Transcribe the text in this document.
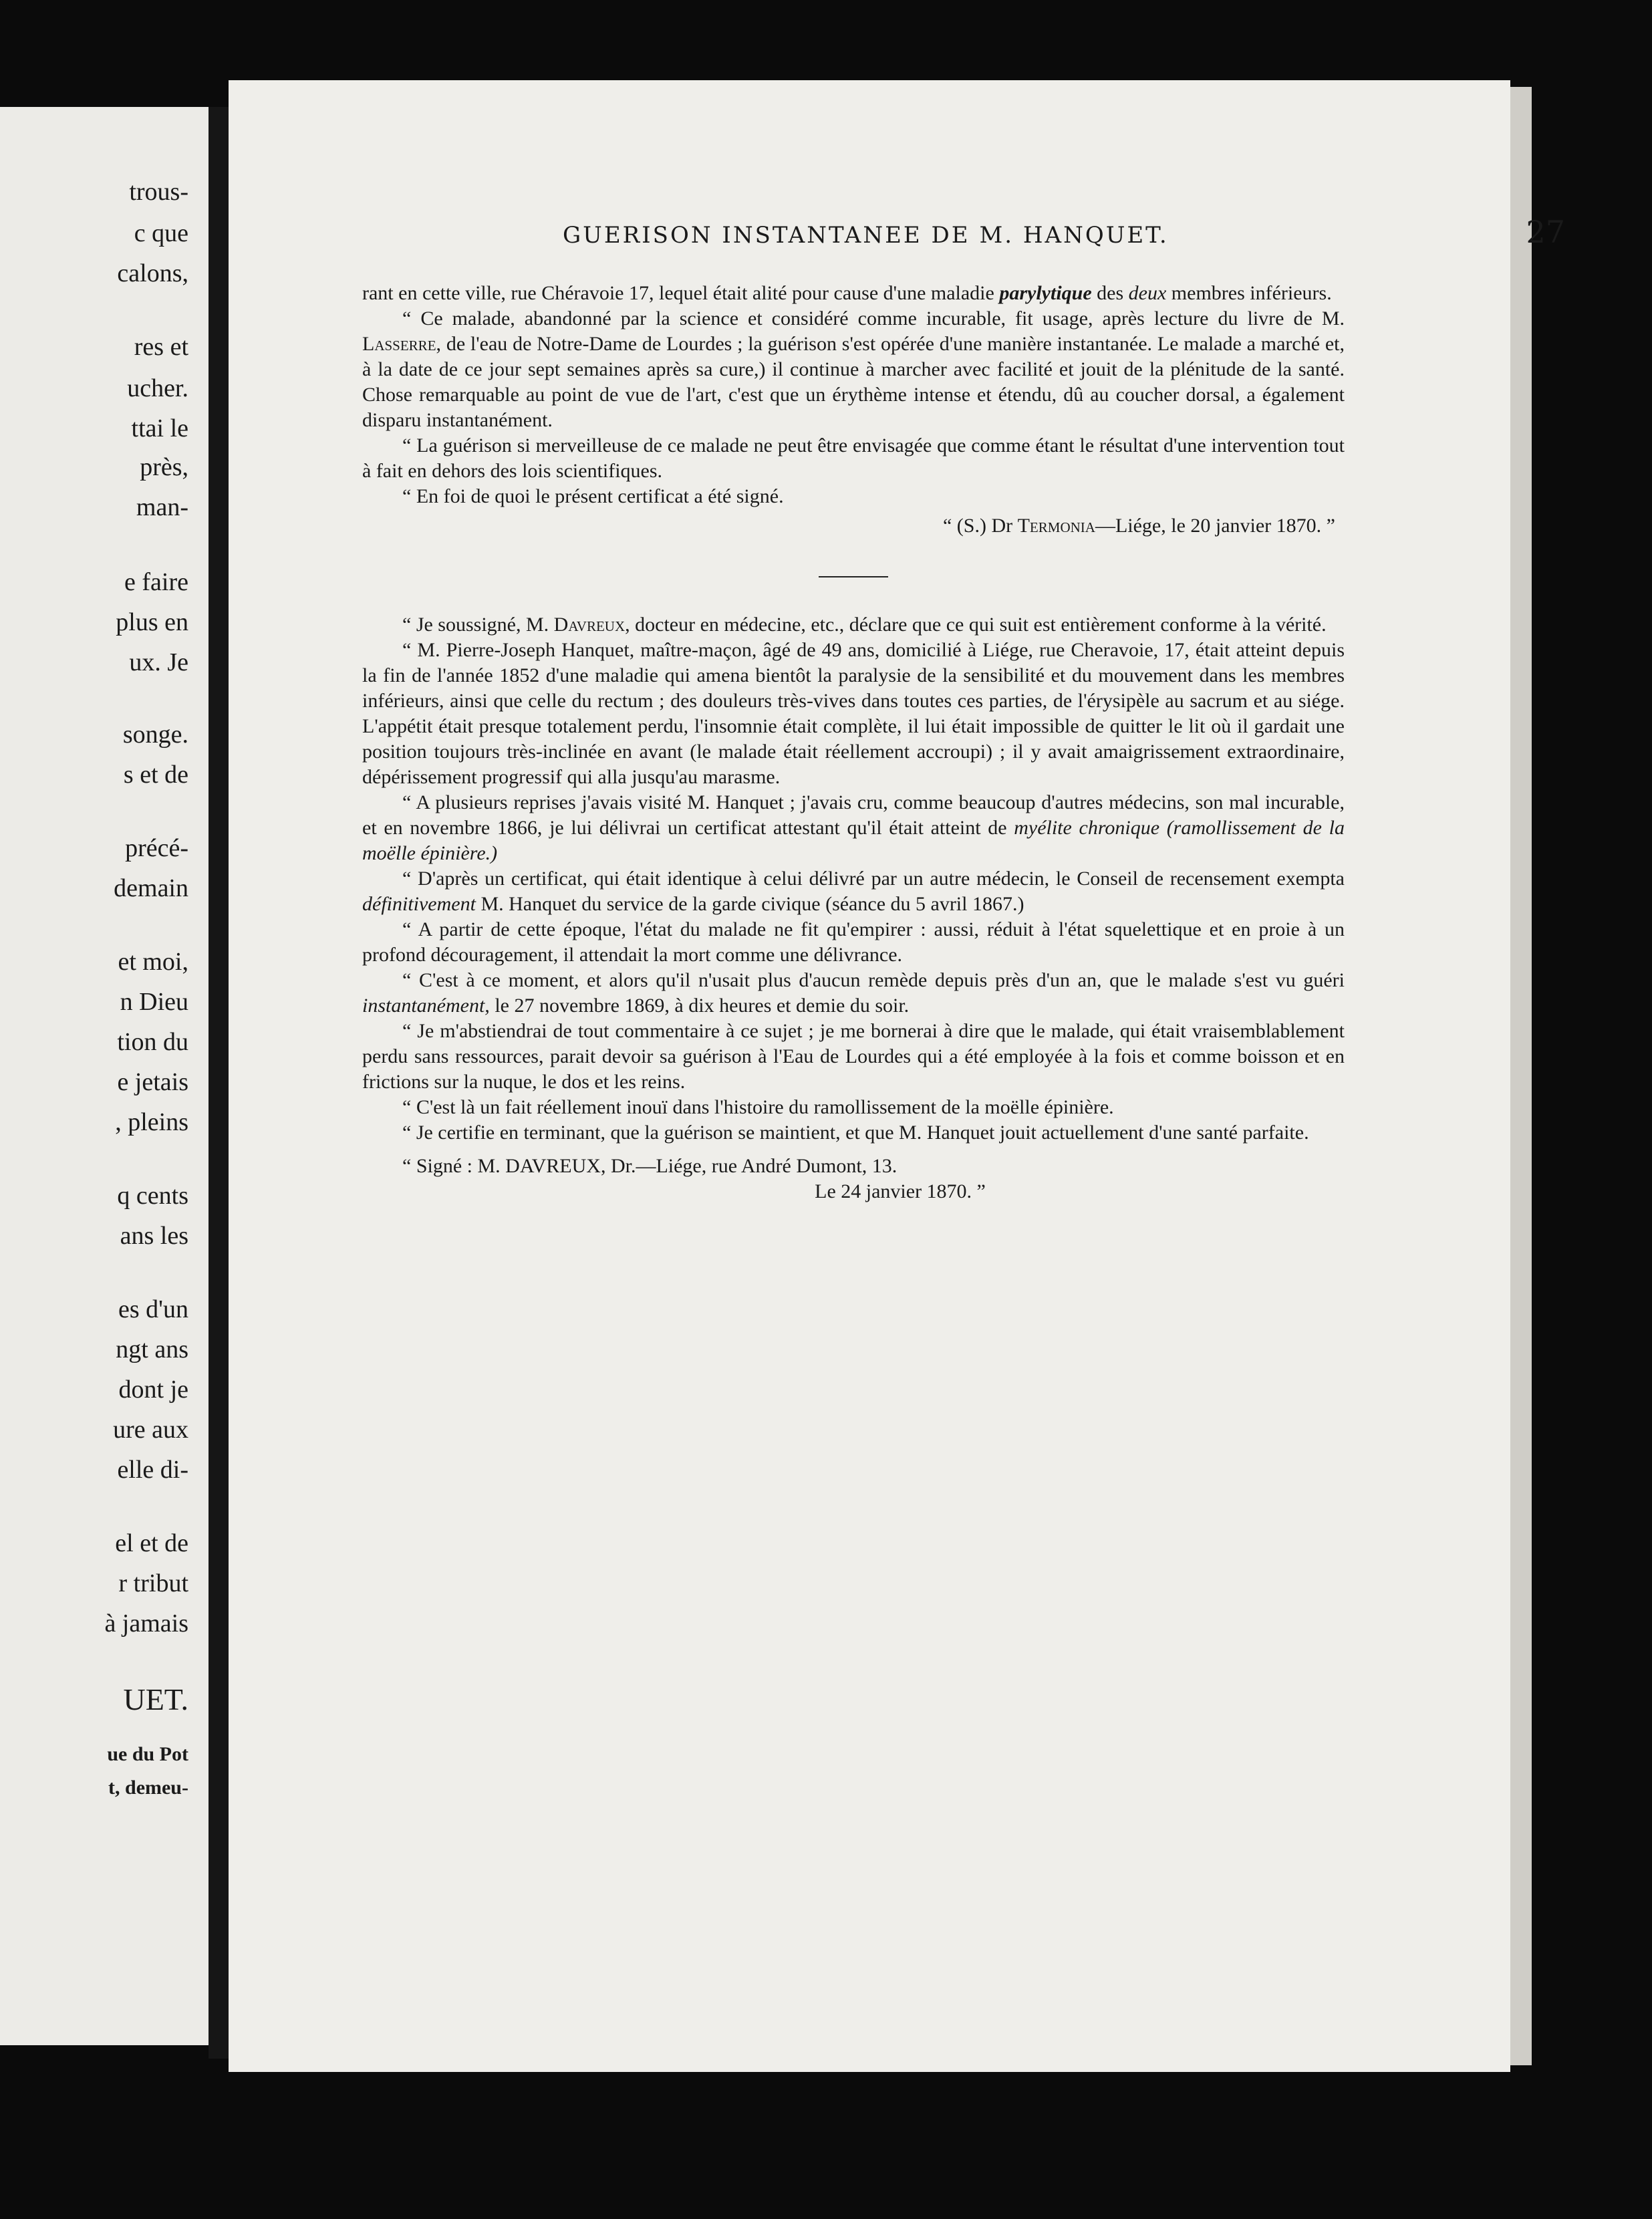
trous-
c que
calons,
res et
ucher.
ttai le
près,
man-
e faire
plus en
ux. Je
songe.
s et de
précé-
demain
et moi,
n Dieu
tion du
e jetais
, pleins
q cents
ans les
es d'un
ngt ans
dont je
ure aux
elle di-
el et de
r tribut
à jamais
UET.
ue du Pot
t, demeu-
GUERISON INSTANTANEE DE M. HANQUET.	27

rant en cette ville, rue Chéravoie 17, lequel était alité pour cause d'une maladie parylytique des deux membres inférieurs.

“ Ce malade, abandonné par la science et considéré comme incurable, fit usage, après lecture du livre de M. Lasserre, de l'eau de Notre-Dame de Lourdes ; la guérison s'est opérée d'une manière instantanée. Le malade a marché et, à la date de ce jour sept semaines après sa cure,) il continue à marcher avec facilité et jouit de la plénitude de la santé. Chose remarquable au point de vue de l'art, c'est que un érythème intense et étendu, dû au coucher dorsal, a également disparu instantanément.

“ La guérison si merveilleuse de ce malade ne peut être envisagée que comme étant le résultat d'une intervention tout à fait en dehors des lois scientifiques.

“ En foi de quoi le présent certificat a été signé.

“ (S.) Dr Termonia—Liége, le 20 janvier 1870. ”

“ Je soussigné, M. Davreux, docteur en médecine, etc., déclare que ce qui suit est entièrement conforme à la vérité.

“ M. Pierre-Joseph Hanquet, maître-maçon, âgé de 49 ans, domicilié à Liége, rue Cheravoie, 17, était atteint depuis la fin de l'année 1852 d'une maladie qui amena bientôt la paralysie de la sensibilité et du mouvement dans les membres inférieurs, ainsi que celle du rectum ; des douleurs très-vives dans toutes ces parties, de l'érysipèle au sacrum et au siége. L'appétit était presque totalement perdu, l'insomnie était complète, il lui était impossible de quitter le lit où il gardait une position toujours très-inclinée en avant (le malade était réellement accroupi) ; il y avait amaigrissement extraordinaire, dépérissement progressif qui alla jusqu'au marasme.

“ A plusieurs reprises j'avais visité M. Hanquet ; j'avais cru, comme beaucoup d'autres médecins, son mal incurable, et en novembre 1866, je lui délivrai un certificat attestant qu'il était atteint de myélite chronique (ramollissement de la moëlle épinière.)

“ D'après un certificat, qui était identique à celui délivré par un autre médecin, le Conseil de recensement exempta définitivement M. Hanquet du service de la garde civique (séance du 5 avril 1867.)

“ A partir de cette époque, l'état du malade ne fit qu'empirer : aussi, réduit à l'état squelettique et en proie à un profond découragement, il attendait la mort comme une délivrance.

“ C'est à ce moment, et alors qu'il n'usait plus d'aucun remède depuis près d'un an, que le malade s'est vu guéri instantanément, le 27 novembre 1869, à dix heures et demie du soir.

“ Je m'abstiendrai de tout commentaire à ce sujet ; je me bornerai à dire que le malade, qui était vraisemblablement perdu sans ressources, parait devoir sa guérison à l'Eau de Lourdes qui a été employée à la fois et comme boisson et en frictions sur la nuque, le dos et les reins.

“ C'est là un fait réellement inouï dans l'histoire du ramollissement de la moëlle épinière.

“ Je certifie en terminant, que la guérison se maintient, et que M. Hanquet jouit actuellement d'une santé parfaite.

“ Signé : M. DAVREUX, Dr.—Liége, rue André Dumont, 13.

Le 24 janvier 1870. ”
